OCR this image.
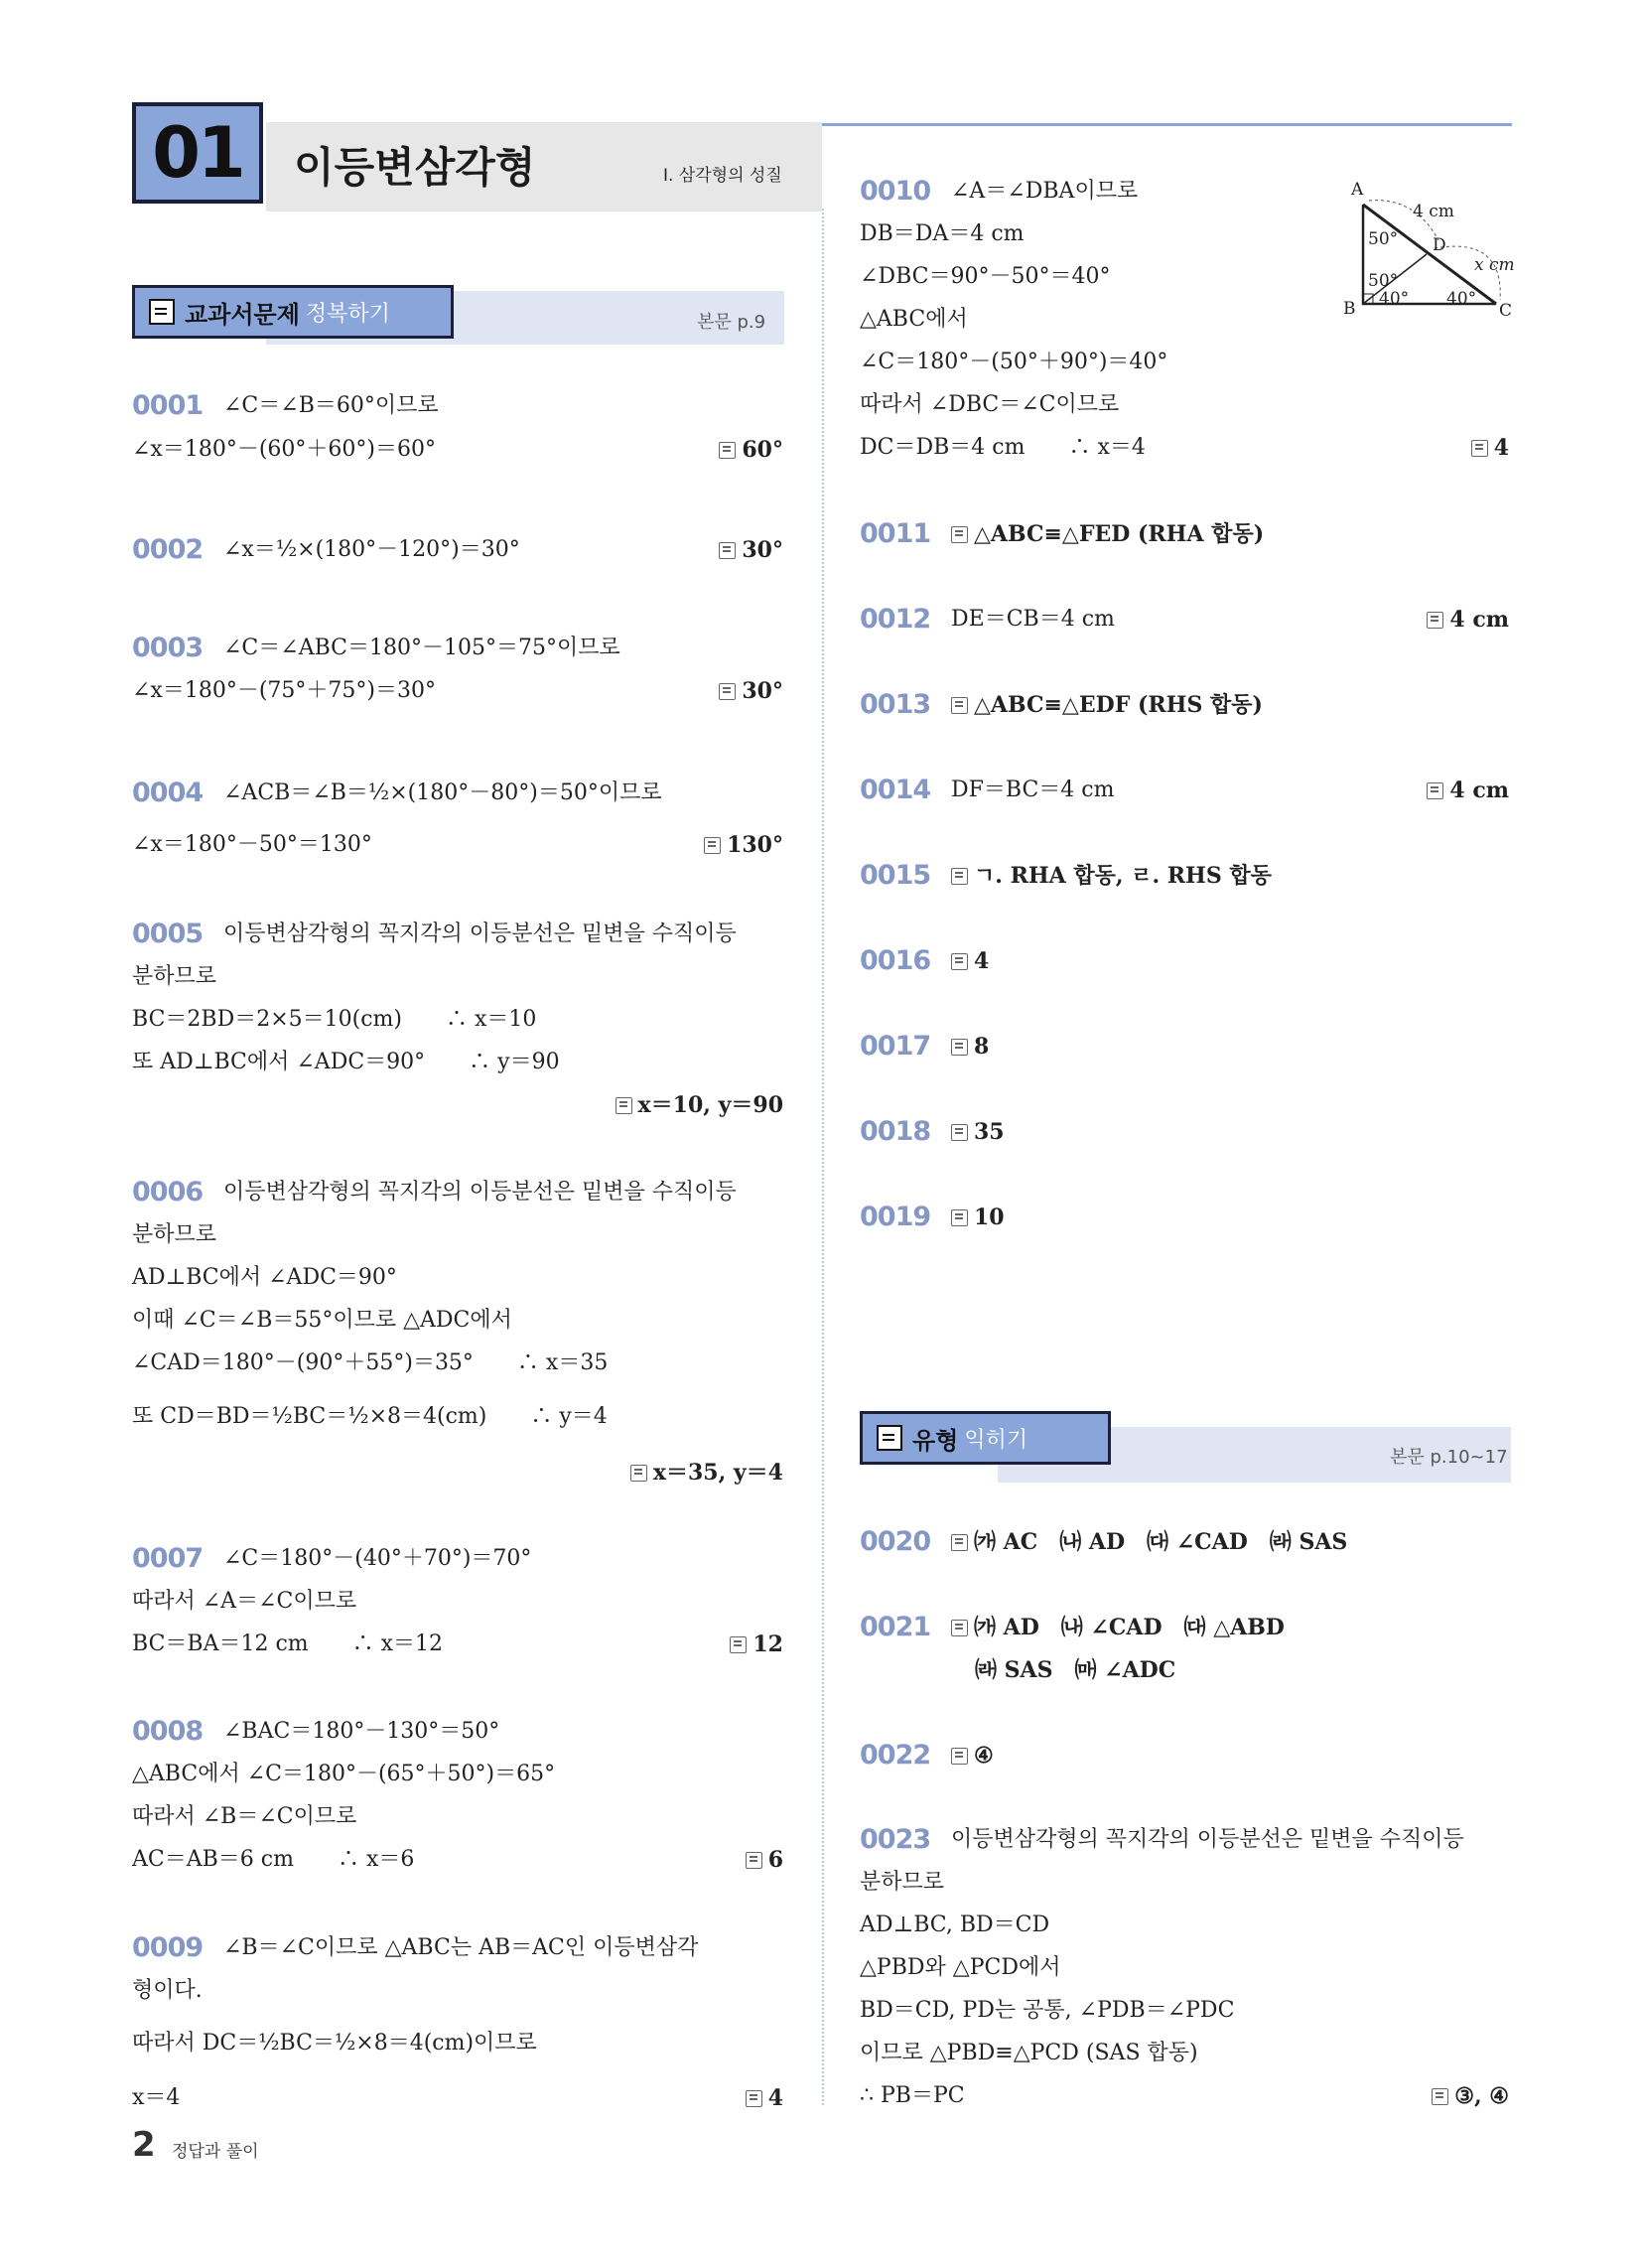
01	이등변삼각형	I. 삼각형의 성질
교과서문제 정복하기	본문 p.9
0001 ∠C＝∠B＝60°이므로
∠x＝180°－(60°＋60°)＝60°	60°
0002 ∠x＝½×(180°－120°)＝30°	30°
0003 ∠C＝∠ABC＝180°－105°＝75°이므로
∠x＝180°－(75°＋75°)＝30°	30°
0004 ∠ACB＝∠B＝½×(180°－80°)＝50°이므로
∠x＝180°－50°＝130°	130°
0005 이등변삼각형의 꼭지각의 이등분선은 밑변을 수직이등
분하므로
BC＝2BD＝2×5＝10(cm)　　∴ x＝10
또 AD⊥BC에서 ∠ADC＝90°　　∴ y＝90
x＝10, y＝90
0006 이등변삼각형의 꼭지각의 이등분선은 밑변을 수직이등
분하므로
AD⊥BC에서 ∠ADC＝90°
이때 ∠C＝∠B＝55°이므로 △ADC에서
∠CAD＝180°－(90°＋55°)＝35°　　∴ x＝35
또 CD＝BD＝½BC＝½×8＝4(cm)　　∴ y＝4
x＝35, y＝4
0007 ∠C＝180°－(40°＋70°)＝70°
따라서 ∠A＝∠C이므로
BC＝BA＝12 cm　　∴ x＝12	12
0008 ∠BAC＝180°－130°＝50°
△ABC에서 ∠C＝180°－(65°＋50°)＝65°
따라서 ∠B＝∠C이므로
AC＝AB＝6 cm　　∴ x＝6	6
0009 ∠B＝∠C이므로 △ABC는 AB＝AC인 이등변삼각
형이다.
따라서 DC＝½BC＝½×8＝4(cm)이므로
x＝4	4
0010 ∠A＝∠DBA이므로
DB＝DA＝4 cm
∠DBC＝90°－50°＝40°
△ABC에서
∠C＝180°－(50°＋90°)＝40°
따라서 ∠DBC＝∠C이므로
DC＝DB＝4 cm　　∴ x＝4	4
A
B	C
D
4 cm
x cm
50°
50°
40° 40°
0011	△ABC≡△FED (RHA 합동)
0012 DE＝CB＝4 cm	4 cm
0013	△ABC≡△EDF (RHS 합동)
0014 DF＝BC＝4 cm	4 cm
0015	ㄱ. RHA 합동, ㄹ. RHS 합동
0016	4
0017	8
0018	35
0019	10
유형 익히기
본문 p.10~17
0020	㈎ AC　㈏ AD　㈐ ∠CAD　㈑ SAS
0021	㈎ AD　㈏ ∠CAD　㈐ △ABD
㈑ SAS　㈒ ∠ADC
0022	④
0023 이등변삼각형의 꼭지각의 이등분선은 밑변을 수직이등
분하므로
AD⊥BC, BD＝CD
△PBD와 △PCD에서
BD＝CD, PD는 공통, ∠PDB＝∠PDC
이므로 △PBD≡△PCD (SAS 합동)
∴ PB＝PC	③, ④
2 정답과 풀이
